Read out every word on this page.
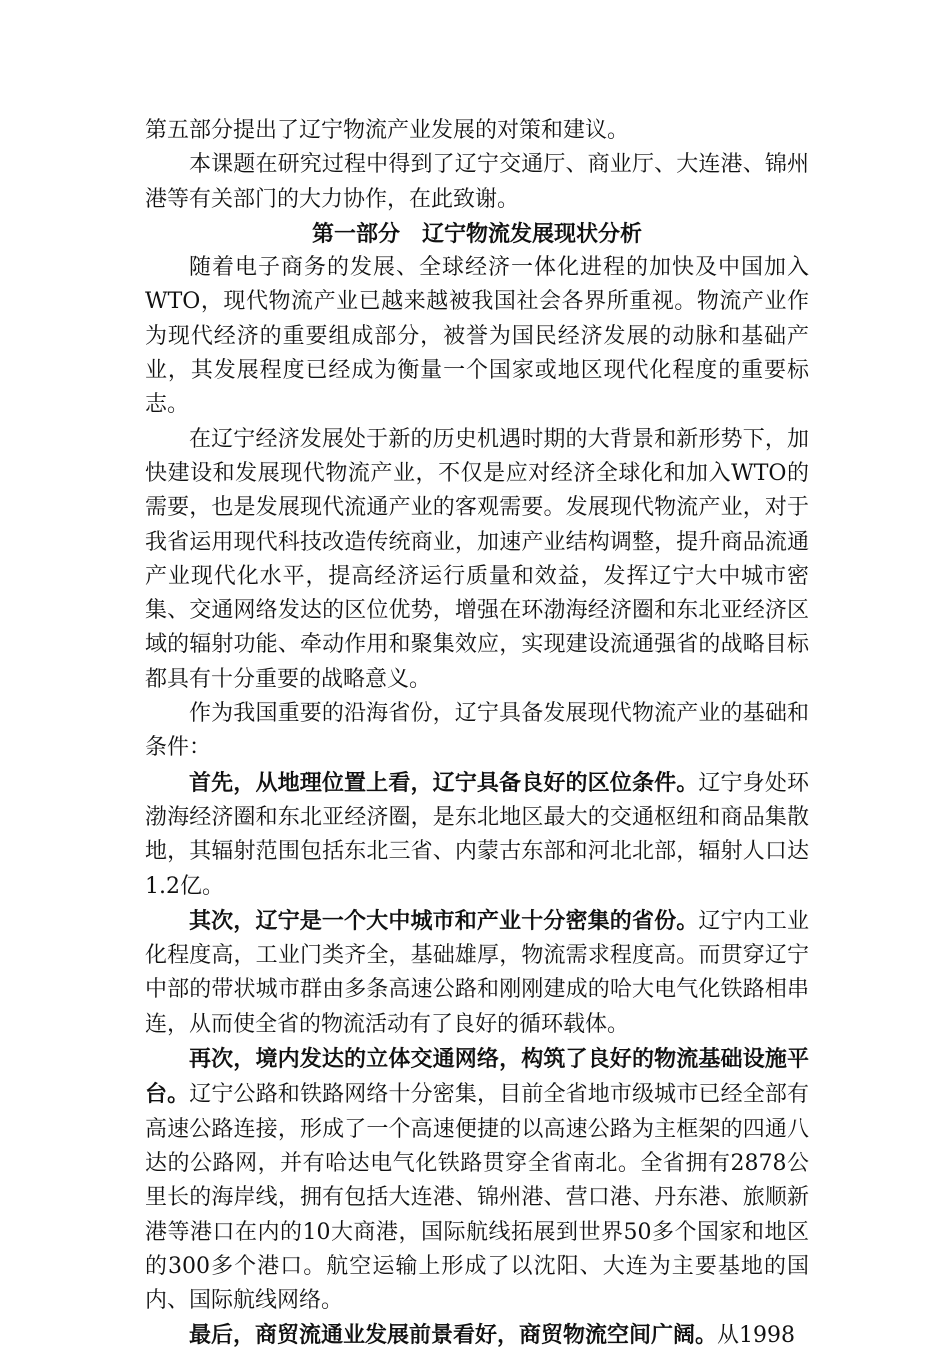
第五部分提出了辽宁物流产业发展的对策和建议。

本课题在研究过程中得到了辽宁交通厅、商业厅、大连港、锦州港等有关部门的大力协作，在此致谢。

第一部分　辽宁物流发展现状分析

随着电子商务的发展、全球经济一体化进程的加快及中国加入WTO，现代物流产业已越来越被我国社会各界所重视。物流产业作为现代经济的重要组成部分，被誉为国民经济发展的动脉和基础产业，其发展程度已经成为衡量一个国家或地区现代化程度的重要标志。

在辽宁经济发展处于新的历史机遇时期的大背景和新形势下，加快建设和发展现代物流产业，不仅是应对经济全球化和加入WTO的需要，也是发展现代流通产业的客观需要。发展现代物流产业，对于我省运用现代科技改造传统商业，加速产业结构调整，提升商品流通产业现代化水平，提高经济运行质量和效益，发挥辽宁大中城市密集、交通网络发达的区位优势，增强在环渤海经济圈和东北亚经济区域的辐射功能、牵动作用和聚集效应，实现建设流通强省的战略目标都具有十分重要的战略意义。

作为我国重要的沿海省份，辽宁具备发展现代物流产业的基础和条件：

首先，从地理位置上看，辽宁具备良好的区位条件。辽宁身处环渤海经济圈和东北亚经济圈，是东北地区最大的交通枢纽和商品集散地，其辐射范围包括东北三省、内蒙古东部和河北北部，辐射人口达1.2亿。

其次，辽宁是一个大中城市和产业十分密集的省份。辽宁内工业化程度高，工业门类齐全，基础雄厚，物流需求程度高。而贯穿辽宁中部的带状城市群由多条高速公路和刚刚建成的哈大电气化铁路相串连，从而使全省的物流活动有了良好的循环载体。

再次，境内发达的立体交通网络，构筑了良好的物流基础设施平台。辽宁公路和铁路网络十分密集，目前全省地市级城市已经全部有高速公路连接，形成了一个高速便捷的以高速公路为主框架的四通八达的公路网，并有哈达电气化铁路贯穿全省南北。全省拥有2878公里长的海岸线，拥有包括大连港、锦州港、营口港、丹东港、旅顺新港等港口在内的10大商港，国际航线拓展到世界50多个国家和地区的300多个港口。航空运输上形成了以沈阳、大连为主要基地的国内、国际航线网络。

最后，商贸流通业发展前景看好，商贸物流空间广阔。从1998
